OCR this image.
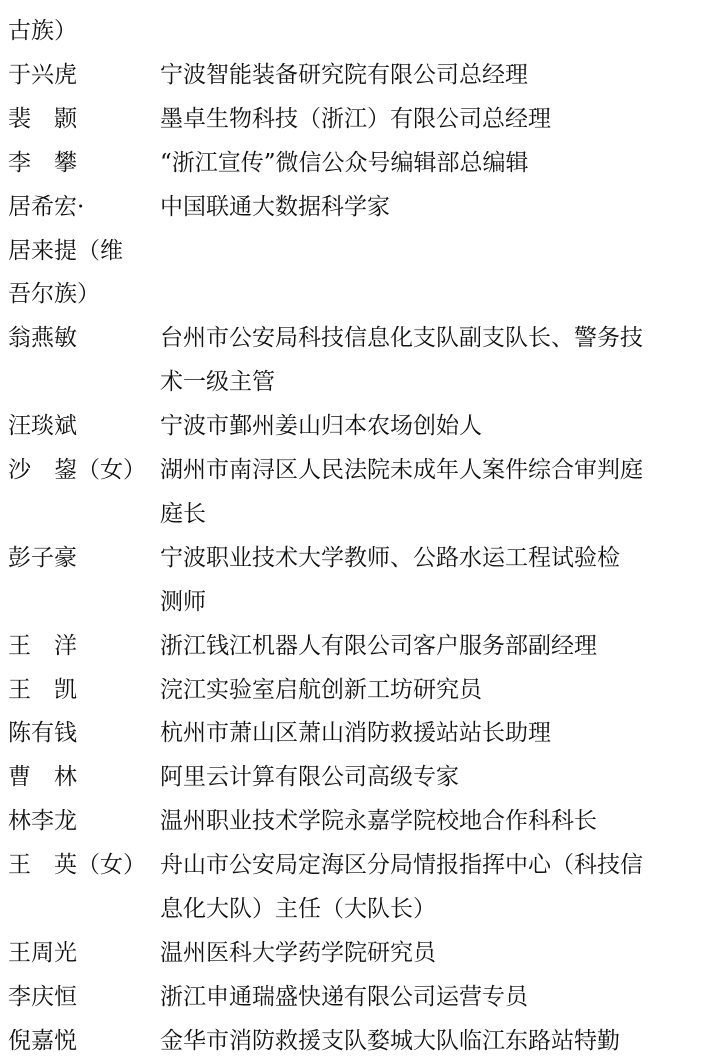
古族）
于兴虎	宁波智能装备研究院有限公司总经理
裴　颢	墨卓生物科技（浙江）有限公司总经理
李　攀	“浙江宣传”微信公众号编辑部总编辑
居希宏·	中国联通大数据科学家
居来提（维
吾尔族）
翁燕敏	台州市公安局科技信息化支队副支队长、警务技
术一级主管
汪琰斌	宁波市鄞州姜山归本农场创始人
沙　鋆（女） 湖州市南浔区人民法院未成年人案件综合审判庭
庭长
彭子豪	宁波职业技术大学教师、公路水运工程试验检
测师
王　洋	浙江钱江机器人有限公司客户服务部副经理
王　凯	浣江实验室启航创新工坊研究员
陈有钱	杭州市萧山区萧山消防救援站站长助理
曹　林	阿里云计算有限公司高级专家
林李龙	温州职业技术学院永嘉学院校地合作科科长
王　英（女） 舟山市公安局定海区分局情报指挥中心（科技信
息化大队）主任（大队长）
王周光	温州医科大学药学院研究员
李庆恒	浙江申通瑞盛快递有限公司运营专员
倪嘉悦	金华市消防救援支队婺城大队临江东路站特勤
